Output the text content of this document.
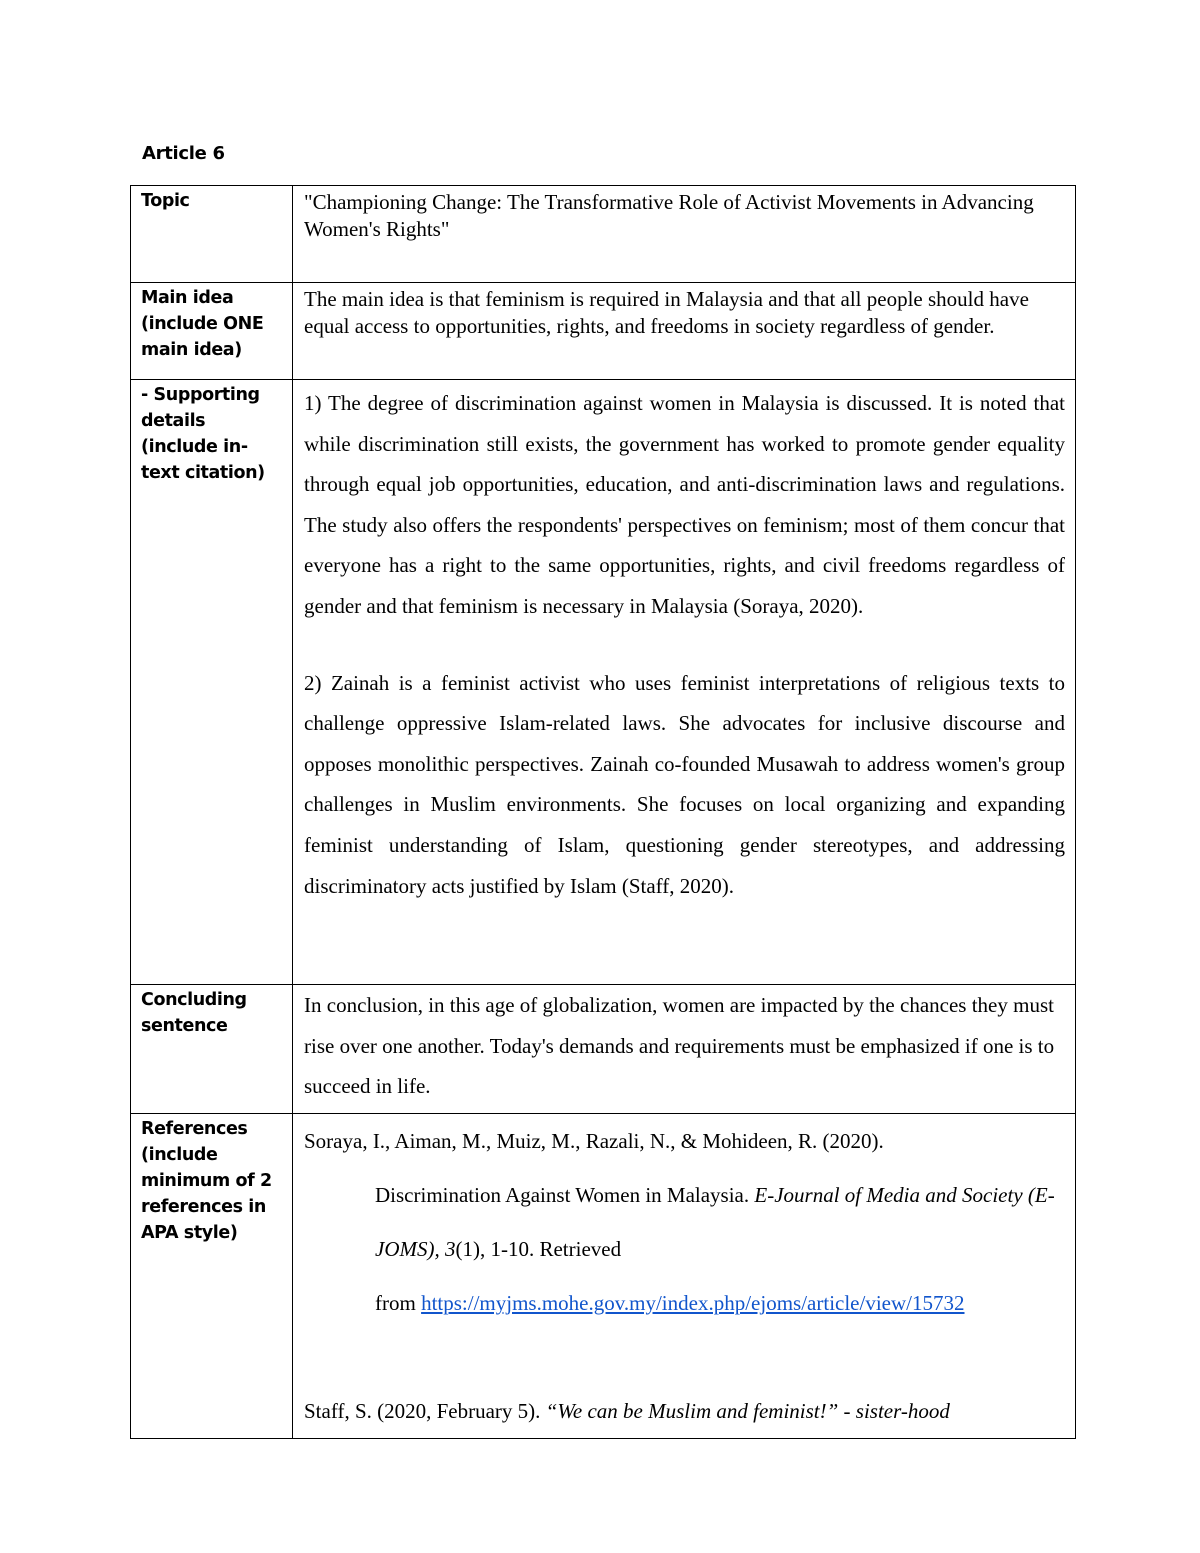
Article 6
Topic	"Championing Change: The Transformative Role of Activist Movements in Advancing Women's Rights"

Main idea (include ONE main idea)	The main idea is that feminism is required in Malaysia and that all people should have equal access to opportunities, rights, and freedoms in society regardless of gender.

- Supporting details (include in-text citation)	1) The degree of discrimination against women in Malaysia is discussed. It is noted that while discrimination still exists, the government has worked to promote gender equality through equal job opportunities, education, and anti-discrimination laws and regulations. The study also offers the respondents' perspectives on feminism; most of them concur that everyone has a right to the same opportunities, rights, and civil freedoms regardless of gender and that feminism is necessary in Malaysia (Soraya, 2020).

2) Zainah is a feminist activist who uses feminist interpretations of religious texts to challenge oppressive Islam-related laws. She advocates for inclusive discourse and opposes monolithic perspectives. Zainah co-founded Musawah to address women's group challenges in Muslim environments. She focuses on local organizing and expanding feminist understanding of Islam, questioning gender stereotypes, and addressing discriminatory acts justified by Islam (Staff, 2020).

Concluding sentence	In conclusion, in this age of globalization, women are impacted by the chances they must rise over one another. Today's demands and requirements must be emphasized if one is to succeed in life.

References (include minimum of 2 references in APA style)	Soraya, I., Aiman, M., Muiz, M., Razali, N., & Mohideen, R. (2020).

Discrimination Against Women in Malaysia. E-Journal of Media and Society (E-JOMS), 3(1), 1-10. Retrieved
from https://myjms.mohe.gov.my/index.php/ejoms/article/view/15732

Staff, S. (2020, February 5). “We can be Muslim and feminist!” - sister-hood
